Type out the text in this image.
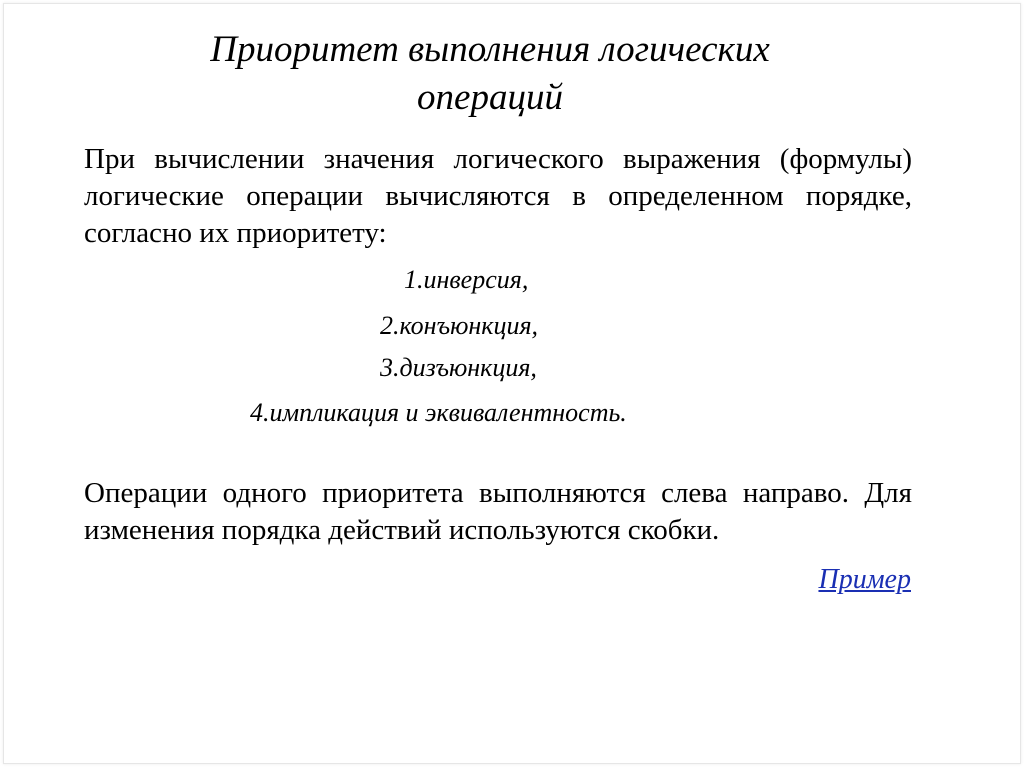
Приоритет выполнения логических операций
При вычислении значения логического выражения (формулы) логические операции вычисляются в определенном порядке, согласно их приоритету:
1.инверсия,
2.конъюнкция,
3.дизъюнкция,
4.импликация и эквивалентность.
Операции одного приоритета выполняются слева направо. Для изменения порядка действий используются скобки.
Пример
